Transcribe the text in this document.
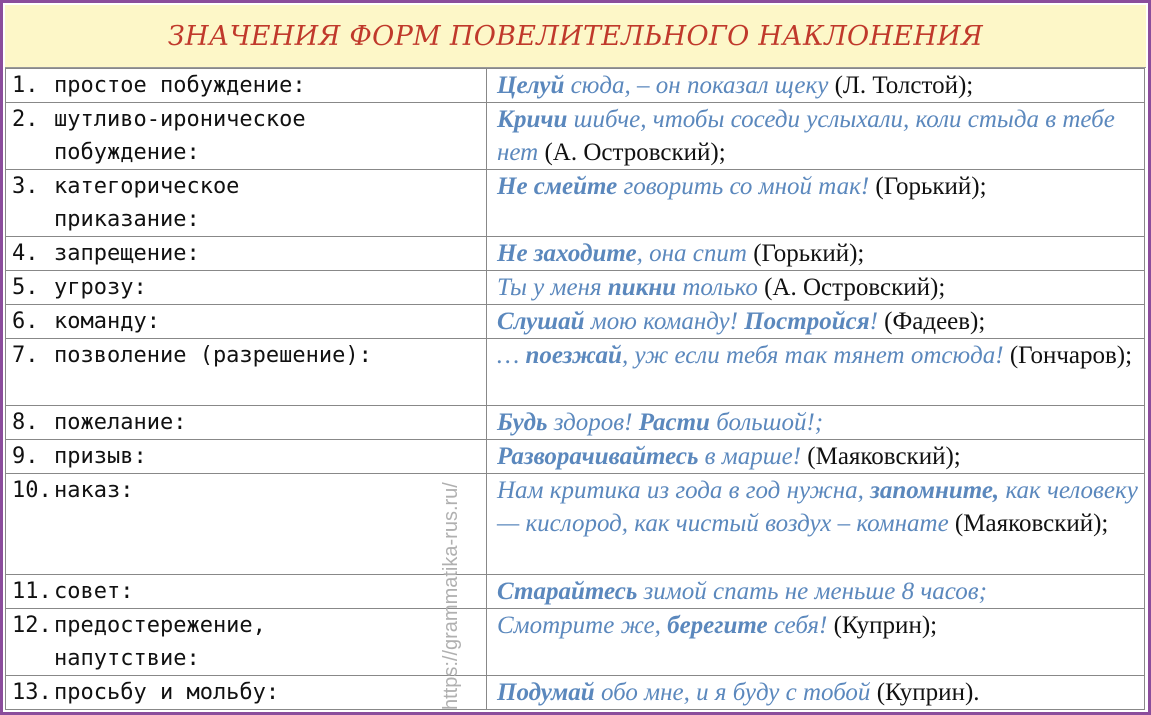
ЗНАЧЕНИЯ ФОРМ ПОВЕЛИТЕЛЬНОГО НАКЛОНЕНИЯ
1. простое побуждение:	Целуй сюда, – он показал щеку (Л. Толстой);

2. шутливо-ироническое
побуждение:	Кричи шибче, чтобы соседи услыхали, коли стыда в тебе нет (А. Островский);

3. категорическое
приказание:	Не смейте говорить со мной так! (Горький);

4. запрещение:	Не заходите, она спит (Горький);

5. угрозу:	Ты у меня пикни только (А. Островский);

6. команду:	Слушай мою команду! Постройся! (Фадеев);

7. позволение (разрешение):	… поезжай, уж если тебя так тянет отсюда! (Гончаров);

8. пожелание:	Будь здоров! Расти большой!;

9. призыв:	Разворачивайтесь в марше! (Маяковский);

10. наказ:	Нам критика из года в год нужна, запомните, как человеку — кислород, как чистый воздух – комнате (Маяковский);

11. совет:	Старайтесь зимой спать не меньше 8 часов;

12. предостережение,
напутствие:	Смотрите же, берегите себя! (Куприн);

13. просьбу и мольбу:	Подумай обо мне, и я буду с тобой (Куприн).
https://grammatika-rus.ru/
